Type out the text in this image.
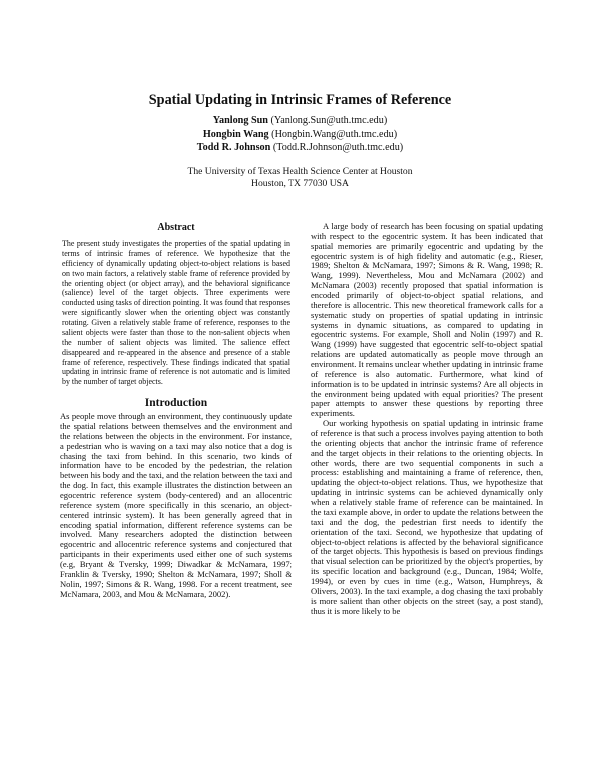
Spatial Updating in Intrinsic Frames of Reference
Yanlong Sun (Yanlong.Sun@uth.tmc.edu)
Hongbin Wang (Hongbin.Wang@uth.tmc.edu)
Todd R. Johnson (Todd.R.Johnson@uth.tmc.edu)
The University of Texas Health Science Center at Houston
Houston, TX 77030 USA
Abstract

The present study investigates the properties of the spatial updating in terms of intrinsic frames of reference. We hypothesize that the efficiency of dynamically updating object-to-object relations is based on two main factors, a relatively stable frame of reference provided by the orienting object (or object array), and the behavioral significance (salience) level of the target objects. Three experiments were conducted using tasks of direction pointing. It was found that responses were significantly slower when the orienting object was constantly rotating. Given a relatively stable frame of reference, responses to the salient objects were faster than those to the non-salient objects when the number of salient objects was limited. The salience effect disappeared and re-appeared in the absence and presence of a stable frame of reference, respectively. These findings indicated that spatial updating in intrinsic frame of reference is not automatic and is limited by the number of target objects.

Introduction

As people move through an environment, they continuously update the spatial relations between themselves and the environment and the relations between the objects in the environment. For instance, a pedestrian who is waving on a taxi may also notice that a dog is chasing the taxi from behind. In this scenario, two kinds of information have to be encoded by the pedestrian, the relation between his body and the taxi, and the relation between the taxi and the dog. In fact, this example illustrates the distinction between an egocentric reference system (body-centered) and an allocentric reference system (more specifically in this scenario, an object-centered intrinsic system). It has been generally agreed that in encoding spatial information, different reference systems can be involved. Many researchers adopted the distinction between egocentric and allocentric reference systems and conjectured that participants in their experiments used either one of such systems (e.g, Bryant & Tversky, 1999; Diwadkar & McNamara, 1997; Franklin & Tversky, 1990; Shelton & McNamara, 1997; Sholl & Nolin, 1997; Simons & R. Wang, 1998. For a recent treatment, see McNamara, 2003, and Mou & McNamara, 2002).

A large body of research has been focusing on spatial updating with respect to the egocentric system. It has been indicated that spatial memories are primarily egocentric and updating by the egocentric system is of high fidelity and automatic (e.g., Rieser, 1989; Shelton & McNamara, 1997; Simons & R. Wang, 1998; R. Wang, 1999). Nevertheless, Mou and McNamara (2002) and McNamara (2003) recently proposed that spatial information is encoded primarily of object-to-object spatial relations, and therefore is allocentric. This new theoretical framework calls for a systematic study on properties of spatial updating in intrinsic systems in dynamic situations, as compared to updating in egocentric systems. For example, Sholl and Nolin (1997) and R. Wang (1999) have suggested that egocentric self-to-object spatial relations are updated automatically as people move through an environment. It remains unclear whether updating in intrinsic frame of reference is also automatic. Furthermore, what kind of information is to be updated in intrinsic systems? Are all objects in the environment being updated with equal priorities? The present paper attempts to answer these questions by reporting three experiments.

Our working hypothesis on spatial updating in intrinsic frame of reference is that such a process involves paying attention to both the orienting objects that anchor the intrinsic frame of reference and the target objects in their relations to the orienting objects. In other words, there are two sequential components in such a process: establishing and maintaining a frame of reference, then, updating the object-to-object relations. Thus, we hypothesize that updating in intrinsic systems can be achieved dynamically only when a relatively stable frame of reference can be maintained. In the taxi example above, in order to update the relations between the taxi and the dog, the pedestrian first needs to identify the orientation of the taxi. Second, we hypothesize that updating of object-to-object relations is affected by the behavioral significance of the target objects. This hypothesis is based on previous findings that visual selection can be prioritized by the object's properties, by its specific location and background (e.g., Duncan, 1984; Wolfe, 1994), or even by cues in time (e.g., Watson, Humphreys, & Olivers, 2003). In the taxi example, a dog chasing the taxi probably is more salient than other objects on the street (say, a post stand), thus it is more likely to be
